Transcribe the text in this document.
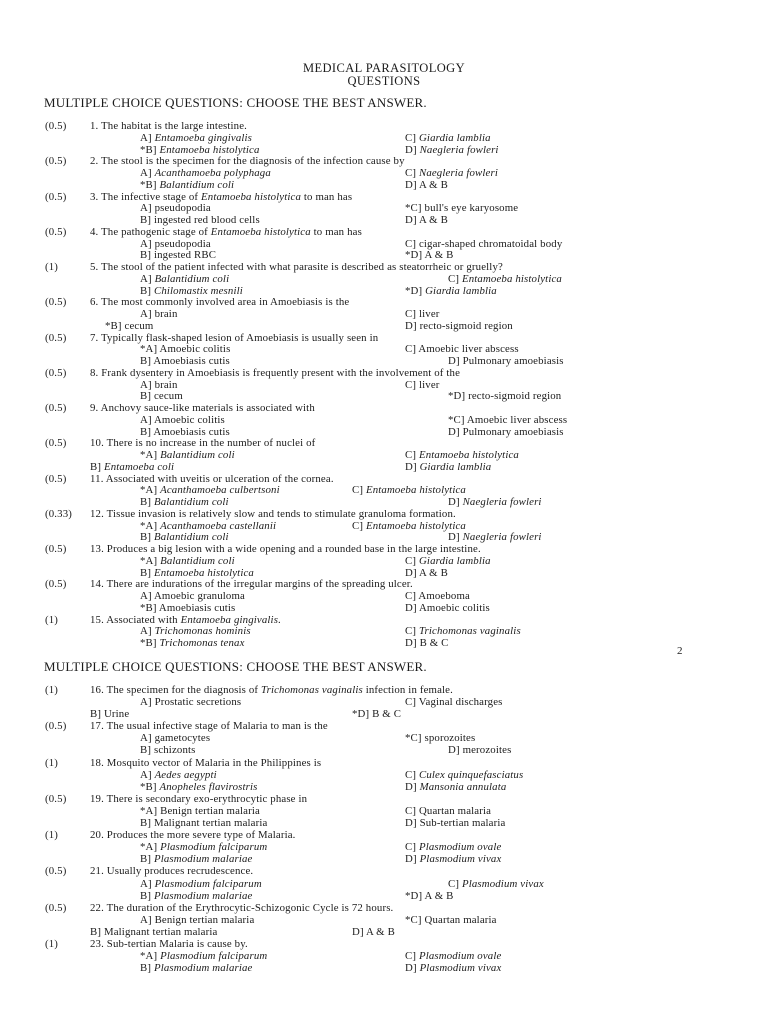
MEDICAL PARASITOLOGY
QUESTIONS
MULTIPLE CHOICE QUESTIONS: CHOOSE THE BEST ANSWER.
(0.5) 1. The habitat is the large intestine.
A] Entamoeba gingivalis	C] Giardia lamblia
*B] Entamoeba histolytica	D] Naegleria fowleri
(0.5) 2. The stool is the specimen for the diagnosis of the infection cause by
A] Acanthamoeba polyphaga	C] Naegleria fowleri
*B] Balantidium coli	D] A & B
(0.5) 3. The infective stage of Entamoeba histolytica to man has
A] pseudopodia	*C] bull's eye karyosome
B] ingested red blood cells	D] A & B
(0.5) 4. The pathogenic stage of Entamoeba histolytica to man has
A] pseudopodia	C] cigar-shaped chromatoidal body
B] ingested RBC	*D] A & B
(1)	5. The stool of the patient infected with what parasite is described as steatorrheic or gruelly?
A] Balantidium coli	C] Entamoeba histolytica
B] Chilomastix mesnili	*D] Giardia lamblia
(0.5) 6. The most commonly involved area in Amoebiasis is the
A] brain	C] liver
*B] cecum	D] recto-sigmoid region
(0.5) 7. Typically flask-shaped lesion of Amoebiasis is usually seen in
*A] Amoebic colitis	C] Amoebic liver abscess
B] Amoebiasis cutis	D] Pulmonary amoebiasis
(0.5) 8. Frank dysentery in Amoebiasis is frequently present with the involvement of the
A] brain	C] liver
B] cecum	*D] recto-sigmoid region
(0.5) 9. Anchovy sauce-like materials is associated with
A] Amoebic colitis	*C] Amoebic liver abscess
B] Amoebiasis cutis	D] Pulmonary amoebiasis
(0.5) 10. There is no increase in the number of nuclei of
*A] Balantidium coli	C] Entamoeba histolytica
B] Entamoeba coli	D] Giardia lamblia
(0.5) 11. Associated with uveitis or ulceration of the cornea.
*A] Acanthamoeba culbertsoni	C] Entamoeba histolytica
B] Balantidium coli	D] Naegleria fowleri
(0.33) 12. Tissue invasion is relatively slow and tends to stimulate granuloma formation.
*A] Acanthamoeba castellanii	C] Entamoeba histolytica
B] Balantidium coli	D] Naegleria fowleri
(0.5) 13. Produces a big lesion with a wide opening and a rounded base in the large intestine.
*A] Balantidium coli	C] Giardia lamblia
B] Entamoeba histolytica	D] A & B
(0.5) 14. There are indurations of the irregular margins of the spreading ulcer.
A] Amoebic granuloma	C] Amoeboma
*B] Amoebiasis cutis	D] Amoebic colitis
(1)	15. Associated with Entamoeba gingivalis.
A] Trichomonas hominis	C] Trichomonas vaginalis
*B] Trichomonas tenax	D] B & C
2
MULTIPLE CHOICE QUESTIONS: CHOOSE THE BEST ANSWER.
(1)	16. The specimen for the diagnosis of Trichomonas vaginalis infection in female.
A] Prostatic secretions	C] Vaginal discharges
B] Urine	*D] B & C
(0.5) 17. The usual infective stage of Malaria to man is the
A] gametocytes	*C] sporozoites
B] schizonts	D] merozoites
(1)	18. Mosquito vector of Malaria in the Philippines is
A] Aedes aegypti	C] Culex quinquefasciatus
*B] Anopheles flavirostris	D] Mansonia annulata
(0.5) 19. There is secondary exo-erythrocytic phase in
*A] Benign tertian malaria	C] Quartan malaria
B] Malignant tertian malaria	D] Sub-tertian malaria
(1)	20. Produces the more severe type of Malaria.
*A] Plasmodium falciparum	C] Plasmodium ovale
B] Plasmodium malariae	D] Plasmodium vivax
(0.5) 21. Usually produces recrudescence.
A] Plasmodium falciparum	C] Plasmodium vivax
B] Plasmodium malariae	*D] A & B
(0.5) 22. The duration of the Erythrocytic-Schizogonic Cycle is 72 hours.
A] Benign tertian malaria	*C] Quartan malaria
B] Malignant tertian malaria	D] A & B
(1)	23. Sub-tertian Malaria is cause by.
*A] Plasmodium falciparum	C] Plasmodium ovale
B] Plasmodium malariae	D] Plasmodium vivax
